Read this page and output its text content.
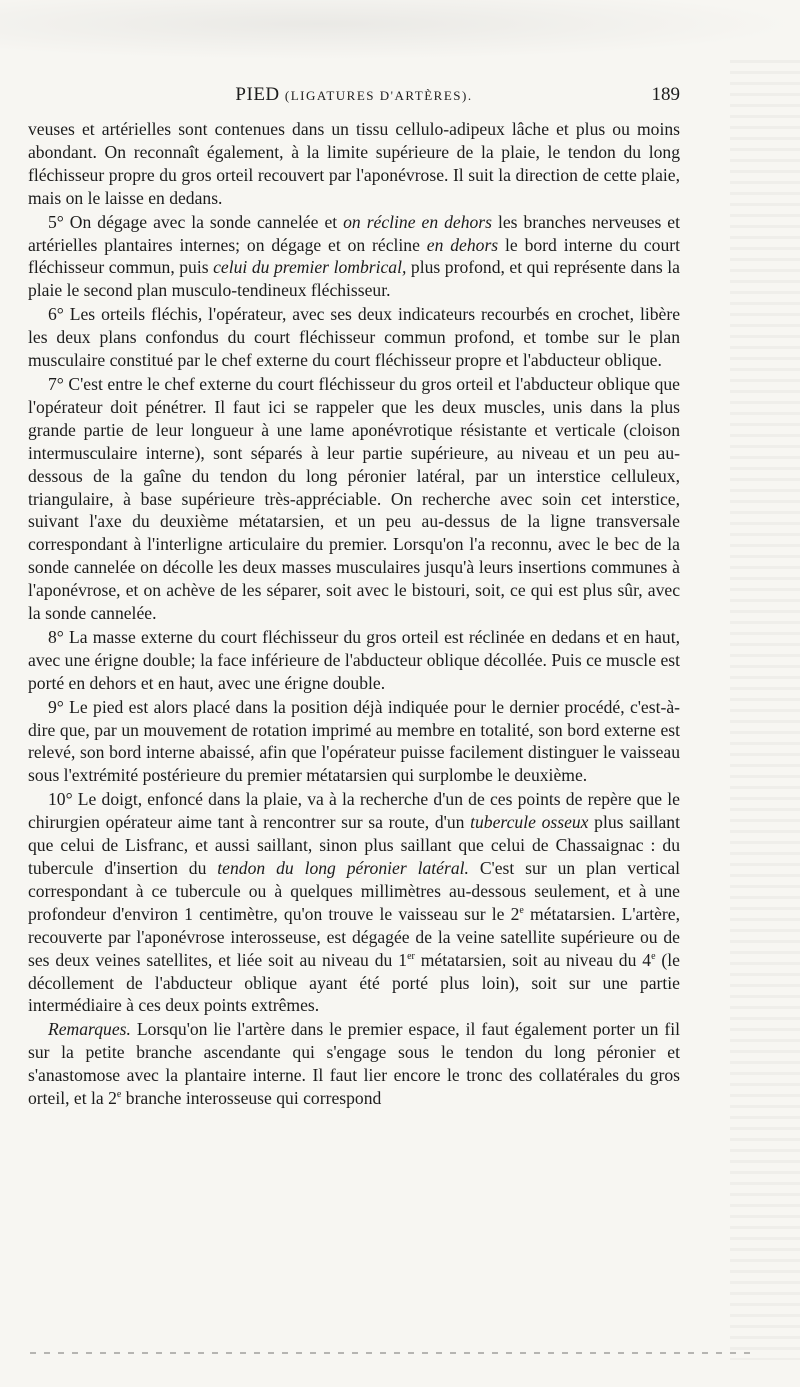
PIED (LIGATURES D'ARTÈRES).	189

veuses et artérielles sont contenues dans un tissu cellulo-adipeux lâche et plus ou moins abondant. On reconnaît également, à la limite supérieure de la plaie, le tendon du long fléchisseur propre du gros orteil recouvert par l'aponévrose. Il suit la direction de cette plaie, mais on le laisse en dedans.

5° On dégage avec la sonde cannelée et on récline en dehors les branches nerveuses et artérielles plantaires internes; on dégage et on récline en dehors le bord interne du court fléchisseur commun, puis celui du premier lombrical, plus profond, et qui représente dans la plaie le second plan musculo-tendineux fléchisseur.

6° Les orteils fléchis, l'opérateur, avec ses deux indicateurs recourbés en crochet, libère les deux plans confondus du court fléchisseur commun profond, et tombe sur le plan musculaire constitué par le chef externe du court fléchisseur propre et l'abducteur oblique.

7° C'est entre le chef externe du court fléchisseur du gros orteil et l'abducteur oblique que l'opérateur doit pénétrer. Il faut ici se rappeler que les deux muscles, unis dans la plus grande partie de leur longueur à une lame aponévrotique résistante et verticale (cloison intermusculaire interne), sont séparés à leur partie supérieure, au niveau et un peu au-dessous de la gaîne du tendon du long péronier latéral, par un interstice celluleux, triangulaire, à base supérieure très-appréciable. On recherche avec soin cet interstice, suivant l'axe du deuxième métatarsien, et un peu au-dessus de la ligne transversale correspondant à l'interligne articulaire du premier. Lorsqu'on l'a reconnu, avec le bec de la sonde cannelée on décolle les deux masses musculaires jusqu'à leurs insertions communes à l'aponévrose, et on achève de les séparer, soit avec le bistouri, soit, ce qui est plus sûr, avec la sonde cannelée.

8° La masse externe du court fléchisseur du gros orteil est réclinée en dedans et en haut, avec une érigne double; la face inférieure de l'abducteur oblique décollée. Puis ce muscle est porté en dehors et en haut, avec une érigne double.

9° Le pied est alors placé dans la position déjà indiquée pour le dernier procédé, c'est-à-dire que, par un mouvement de rotation imprimé au membre en totalité, son bord externe est relevé, son bord interne abaissé, afin que l'opérateur puisse facilement distinguer le vaisseau sous l'extrémité postérieure du premier métatarsien qui surplombe le deuxième.

10° Le doigt, enfoncé dans la plaie, va à la recherche d'un de ces points de repère que le chirurgien opérateur aime tant à rencontrer sur sa route, d'un tubercule osseux plus saillant que celui de Lisfranc, et aussi saillant, sinon plus saillant que celui de Chassaignac : du tubercule d'insertion du tendon du long péronier latéral. C'est sur un plan vertical correspondant à ce tubercule ou à quelques millimètres au-dessous seulement, et à une profondeur d'environ 1 centimètre, qu'on trouve le vaisseau sur le 2e métatarsien. L'artère, recouverte par l'aponévrose interosseuse, est dégagée de la veine satellite supérieure ou de ses deux veines satellites, et liée soit au niveau du 1er métatarsien, soit au niveau du 4e (le décollement de l'abducteur oblique ayant été porté plus loin), soit sur une partie intermédiaire à ces deux points extrêmes.

Remarques. Lorsqu'on lie l'artère dans le premier espace, il faut également porter un fil sur la petite branche ascendante qui s'engage sous le tendon du long péronier et s'anastomose avec la plantaire interne. Il faut lier encore le tronc des collatérales du gros orteil, et la 2e branche interosseuse qui correspond
